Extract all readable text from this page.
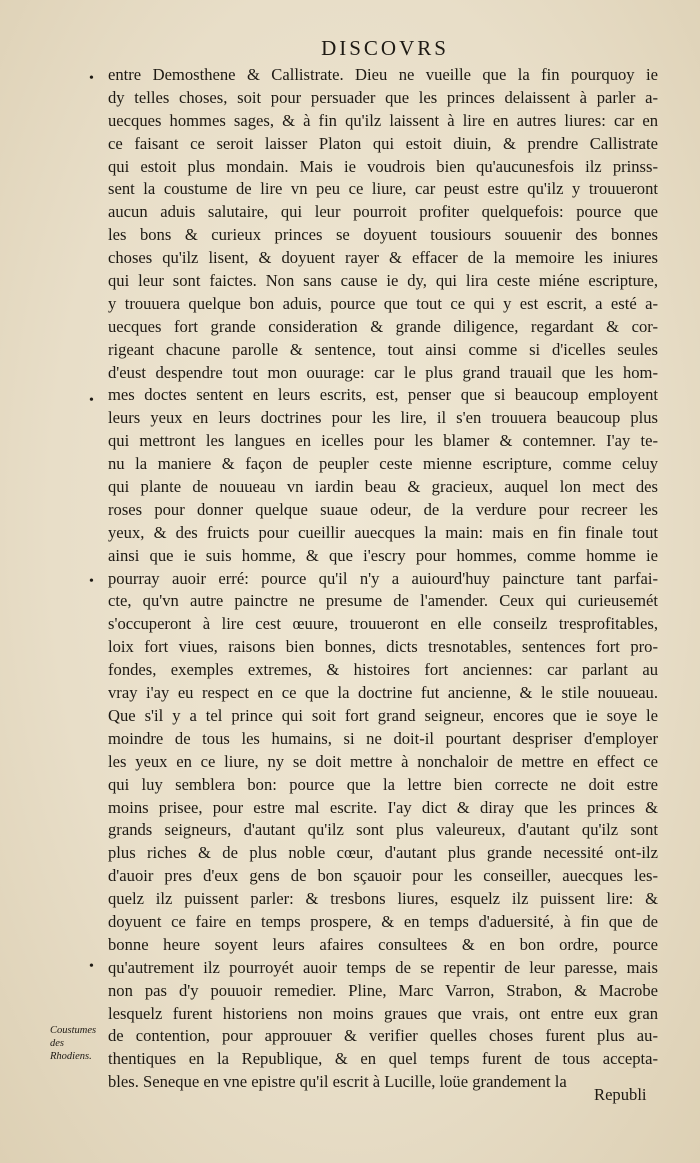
DISCOVRS
entre Demosthene & Callistrate. Dieu ne vueille que la fin pourquoy ie
dy telles choses, soit pour persuader que les princes delaissent à parler a-
uecques hommes sages, & à fin qu'ilz laissent à lire en autres liures: car en
ce faisant ce seroit laisser Platon qui estoit diuin, & prendre Callistrate
qui estoit plus mondain. Mais ie voudrois bien qu'aucunesfois ilz prinss-
sent la coustume de lire vn peu ce liure, car peust estre qu'ilz y trouueront
aucun aduis salutaire, qui leur pourroit profiter quelquefois: pource que
les bons & curieux princes se doyuent tousiours souuenir des bonnes
choses qu'ilz lisent, & doyuent rayer & effacer de la memoire les iniures
qui leur sont faictes. Non sans cause ie dy, qui lira ceste miéne escripture,
y trouuera quelque bon aduis, pource que tout ce qui y est escrit, a esté a-
uecques fort grande consideration & grande diligence, regardant & cor-
rigeant chacune parolle & sentence, tout ainsi comme si d'icelles seules
d'eust despendre tout mon ouurage: car le plus grand trauail que les hom-
mes doctes sentent en leurs escrits, est, penser que si beaucoup employent
leurs yeux en leurs doctrines pour les lire, il s'en trouuera beaucoup plus
qui mettront les langues en icelles pour les blamer & contemner. I'ay te-
nu la maniere & façon de peupler ceste mienne escripture, comme celuy
qui plante de nouueau vn iardin beau & gracieux, auquel lon mect des
roses pour donner quelque suaue odeur, de la verdure pour recreer les
yeux, & des fruicts pour cueillir auecques la main: mais en fin finale tout
ainsi que ie suis homme, & que i'escry pour hommes, comme homme ie
pourray auoir erré: pource qu'il n'y a auiourd'huy paincture tant parfai-
cte, qu'vn autre painctre ne presume de l'amender. Ceux qui curieusemét
s'occuperont à lire cest œuure, trouueront en elle conseilz tresprofitables,
loix fort viues, raisons bien bonnes, dicts tresnotables, sentences fort pro-
fondes, exemples extremes, & histoires fort anciennes: car parlant au
vray i'ay eu respect en ce que la doctrine fut ancienne, & le stile nouueau.
Que s'il y a tel prince qui soit fort grand seigneur, encores que ie soye le
moindre de tous les humains, si ne doit-il pourtant despriser d'employer
les yeux en ce liure, ny se doit mettre à nonchaloir de mettre en effect ce
qui luy semblera bon: pource que la lettre bien correcte ne doit estre
moins prisee, pour estre mal escrite. I'ay dict & diray que les princes &
grands seigneurs, d'autant qu'ilz sont plus valeureux, d'autant qu'ilz sont
plus riches & de plus noble cœur, d'autant plus grande necessité ont-ilz
d'auoir pres d'eux gens de bon sçauoir pour les conseiller, auecques les-
quelz ilz puissent parler: & tresbons liures, esquelz ilz puissent lire: &
doyuent ce faire en temps prospere, & en temps d'aduersité, à fin que de
bonne heure soyent leurs afaires consultees & en bon ordre, pource
qu'autrement ilz pourroyét auoir temps de se repentir de leur paresse, mais
non pas d'y pouuoir remedier. Pline, Marc Varron, Strabon, & Macrobe
lesquelz furent historiens non moins graues que vrais, ont entre eux gran
de contention, pour approuuer & verifier quelles choses furent plus au-
thentiques en la Republique, & en quel temps furent de tous accepta-
bles. Seneque en vne epistre qu'il escrit à Lucille, loüe grandement la
•
•
•
•
Coustumes des Rhodiens.
Republi
